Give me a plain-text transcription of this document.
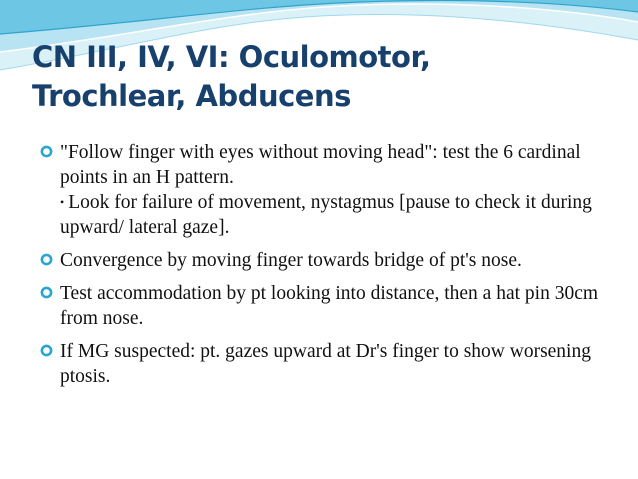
CN III, IV, VI: Oculomotor,
Trochlear, Abducens
"Follow finger with eyes without moving head": test the 6 cardinal points in an H pattern.
• Look for failure of movement, nystagmus [pause to check it during upward/ lateral gaze].
Convergence by moving finger towards bridge of pt's nose.
Test accommodation by pt looking into distance, then a hat pin 30cm from nose.
If MG suspected: pt. gazes upward at Dr's finger to show worsening ptosis.
